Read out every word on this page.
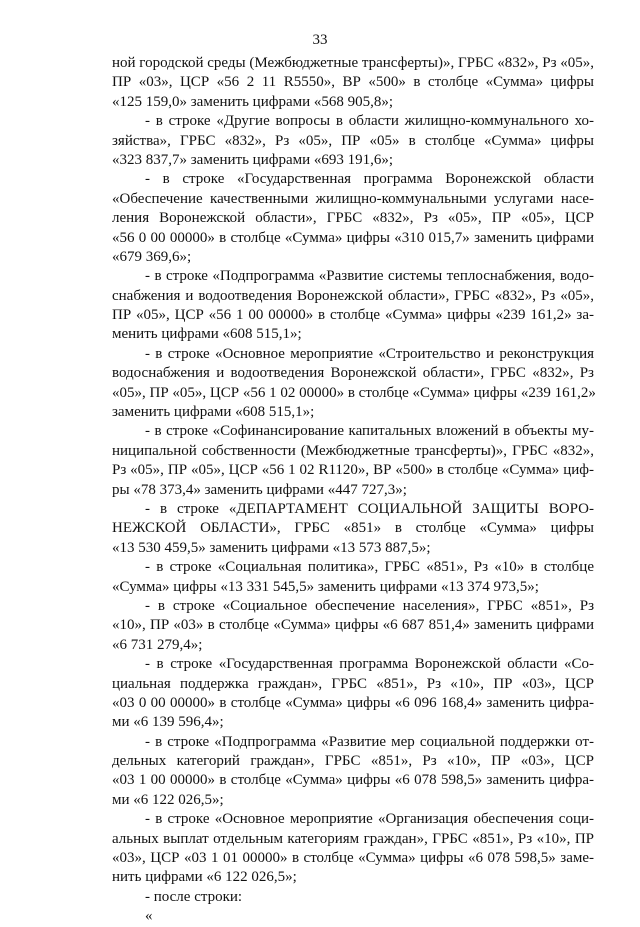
33
ной городской среды (Межбюджетные трансферты)», ГРБС «832», Рз «05»,
ПР «03», ЦСР «56 2 11 R5550», ВР «500» в столбце «Сумма» цифры
«125 159,0» заменить цифрами «568 905,8»;
- в строке «Другие вопросы в области жилищно-коммунального хо-
зяйства», ГРБС «832», Рз «05», ПР «05» в столбце «Сумма» цифры
«323 837,7» заменить цифрами «693 191,6»;
- в строке «Государственная программа Воронежской области
«Обеспечение качественными жилищно-коммунальными услугами насе-
ления Воронежской области», ГРБС «832», Рз «05», ПР «05», ЦСР
«56 0 00 00000» в столбце «Сумма» цифры «310 015,7» заменить цифрами
«679 369,6»;
- в строке «Подпрограмма «Развитие системы теплоснабжения, водо-
снабжения и водоотведения Воронежской области», ГРБС «832», Рз «05»,
ПР «05», ЦСР «56 1 00 00000» в столбце «Сумма» цифры «239 161,2» за-
менить цифрами «608 515,1»;
- в строке «Основное мероприятие «Строительство и реконструкция
водоснабжения и водоотведения Воронежской области», ГРБС «832», Рз
«05», ПР «05», ЦСР «56 1 02 00000» в столбце «Сумма» цифры «239 161,2»
заменить цифрами «608 515,1»;
- в строке «Софинансирование капитальных вложений в объекты му-
ниципальной собственности (Межбюджетные трансферты)», ГРБС «832»,
Рз «05», ПР «05», ЦСР «56 1 02 R1120», ВР «500» в столбце «Сумма» циф-
ры «78 373,4» заменить цифрами «447 727,3»;
- в строке «ДЕПАРТАМЕНТ СОЦИАЛЬНОЙ ЗАЩИТЫ ВОРО-
НЕЖСКОЙ ОБЛАСТИ», ГРБС «851» в столбце «Сумма» цифры
«13 530 459,5» заменить цифрами «13 573 887,5»;
- в строке «Социальная политика», ГРБС «851», Рз «10» в столбце
«Сумма» цифры «13 331 545,5» заменить цифрами «13 374 973,5»;
- в строке «Социальное обеспечение населения», ГРБС «851», Рз
«10», ПР «03» в столбце «Сумма» цифры «6 687 851,4» заменить цифрами
«6 731 279,4»;
- в строке «Государственная программа Воронежской области «Со-
циальная поддержка граждан», ГРБС «851», Рз «10», ПР «03», ЦСР
«03 0 00 00000» в столбце «Сумма» цифры «6 096 168,4» заменить цифра-
ми «6 139 596,4»;
- в строке «Подпрограмма «Развитие мер социальной поддержки от-
дельных категорий граждан», ГРБС «851», Рз «10», ПР «03», ЦСР
«03 1 00 00000» в столбце «Сумма» цифры «6 078 598,5» заменить цифра-
ми «6 122 026,5»;
- в строке «Основное мероприятие «Организация обеспечения соци-
альных выплат отдельным категориям граждан», ГРБС «851», Рз «10», ПР
«03», ЦСР «03 1 01 00000» в столбце «Сумма» цифры «6 078 598,5» заме-
нить цифрами «6 122 026,5»;
- после строки:
«
